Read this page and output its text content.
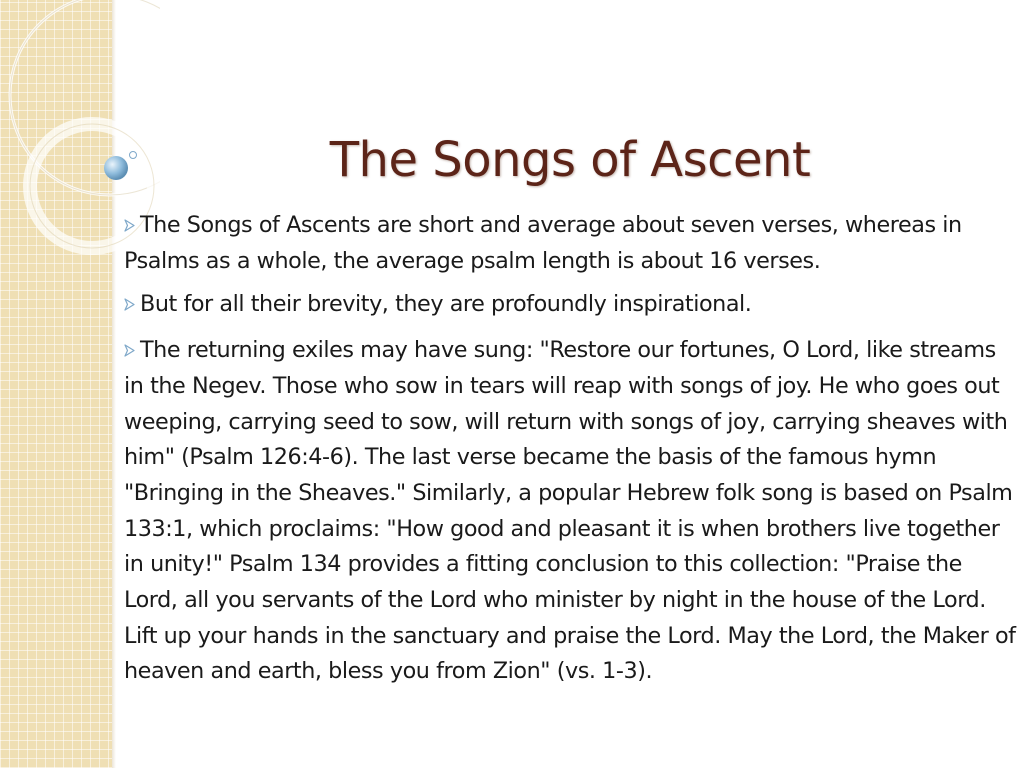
The Songs of Ascent
The Songs of Ascents are short and average about seven verses, whereas in Psalms as a whole, the average psalm length is about 16 verses.
But for all their brevity, they are profoundly inspirational.
The returning exiles may have sung: "Restore our fortunes, O Lord, like streams in the Negev. Those who sow in tears will reap with songs of joy. He who goes out weeping, carrying seed to sow, will return with songs of joy, carrying sheaves with him" (Psalm 126:4-6). The last verse became the basis of the famous hymn "Bringing in the Sheaves." Similarly, a popular Hebrew folk song is based on Psalm 133:1, which proclaims: "How good and pleasant it is when brothers live together in unity!" Psalm 134 provides a fitting conclusion to this collection: "Praise the Lord, all you servants of the Lord who minister by night in the house of the Lord. Lift up your hands in the sanctuary and praise the Lord. May the Lord, the Maker of heaven and earth, bless you from Zion" (vs. 1-3).
